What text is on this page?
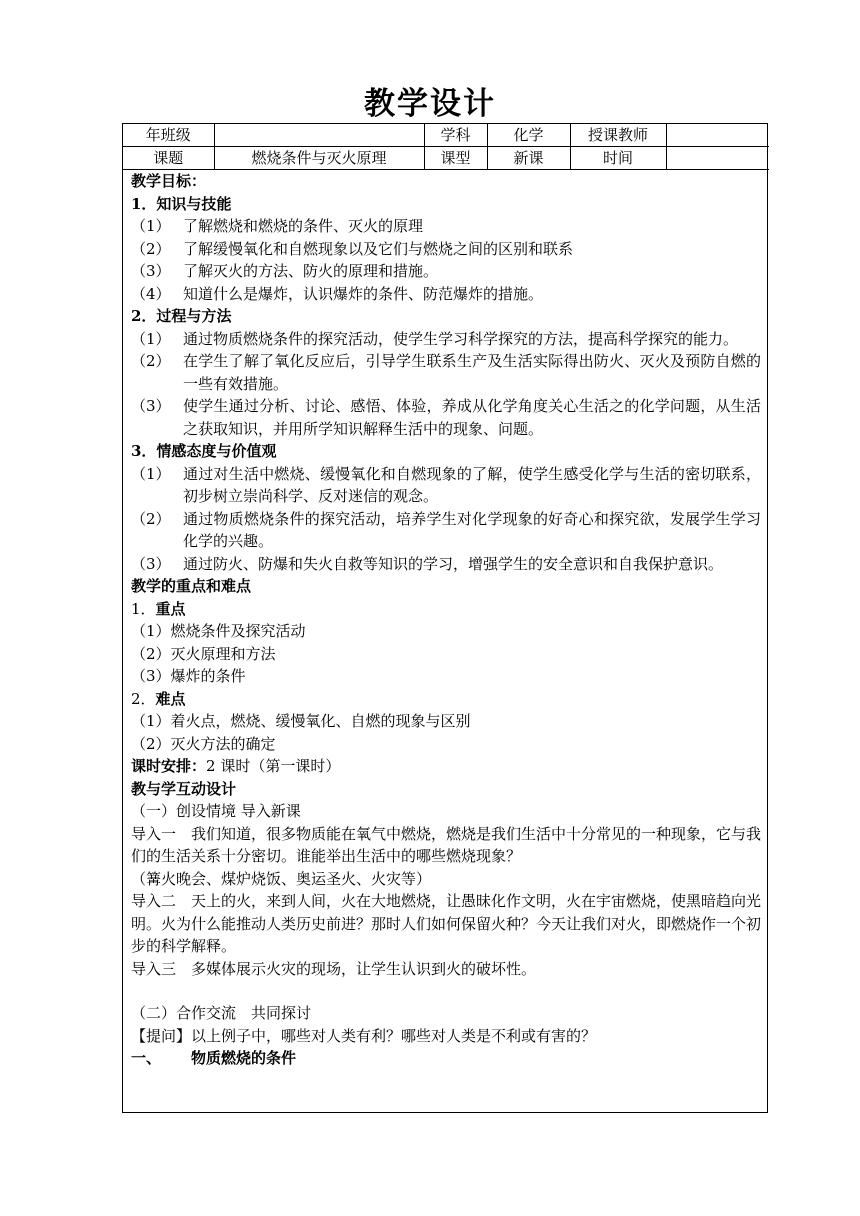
教学设计
年班级		学科	化学	授课教师	
课题	燃烧条件与灭火原理	课型	新课	时间	
教学目标：
1．知识与技能
（1） 了解燃烧和燃烧的条件、灭火的原理
（2） 了解缓慢氧化和自燃现象以及它们与燃烧之间的区别和联系
（3） 了解灭火的方法、防火的原理和措施。
（4） 知道什么是爆炸，认识爆炸的条件、防范爆炸的措施。
2．过程与方法
（1） 通过物质燃烧条件的探究活动，使学生学习科学探究的方法，提高科学探究的能力。
（2） 在学生了解了氧化反应后，引导学生联系生产及生活实际得出防火、灭火及预防自燃的一些有效措施。
（3） 使学生通过分析、讨论、感悟、体验，养成从化学角度关心生活之的化学问题，从生活之获取知识，并用所学知识解释生活中的现象、问题。
3．情感态度与价值观
（1） 通过对生活中燃烧、缓慢氧化和自燃现象的了解，使学生感受化学与生活的密切联系，初步树立崇尚科学、反对迷信的观念。
（2） 通过物质燃烧条件的探究活动，培养学生对化学现象的好奇心和探究欲，发展学生学习化学的兴趣。
（3） 通过防火、防爆和失火自救等知识的学习，增强学生的安全意识和自我保护意识。
教学的重点和难点
1．重点
（1）燃烧条件及探究活动
（2）灭火原理和方法
（3）爆炸的条件
2．难点
（1）着火点，燃烧、缓慢氧化、自燃的现象与区别
（2）灭火方法的确定
课时安排：2 课时（第一课时）
教与学互动设计
（一）创设情境 导入新课
导入一　我们知道，很多物质能在氧气中燃烧，燃烧是我们生活中十分常见的一种现象，它与我们的生活关系十分密切。谁能举出生活中的哪些燃烧现象？
（篝火晚会、煤炉烧饭、奥运圣火、火灾等）
导入二　天上的火，来到人间，火在大地燃烧，让愚昧化作文明，火在宇宙燃烧，使黑暗趋向光明。火为什么能推动人类历史前进？那时人们如何保留火种？今天让我们对火，即燃烧作一个初步的科学解释。
导入三　多媒体展示火灾的现场，让学生认识到火的破坏性。
（二）合作交流　共同探讨
【提问】以上例子中，哪些对人类有利？哪些对人类是不利或有害的？
一、 物质燃烧的条件
